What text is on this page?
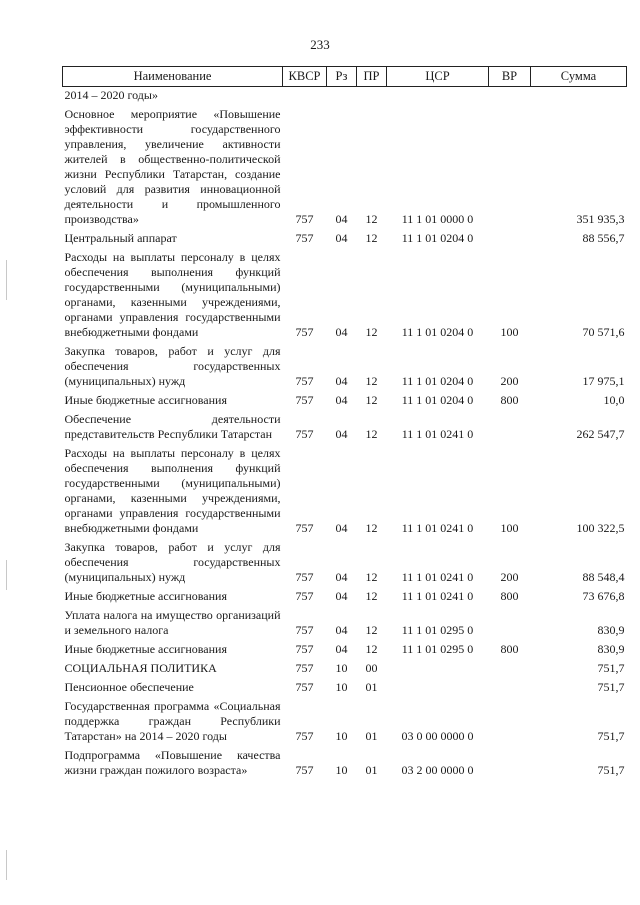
233
Наименование	КВСР	Рз	ПР	ЦСР	ВР	Сумма
2014 – 2020 годы»						
Основное мероприятие «Повышение эффективности государственного управления, увеличение активности жителей в общественно-политической жизни Республики Татарстан, создание условий для развития инновационной деятельности и промышленного производства»	757	04	12	11 1 01 0000 0		351 935,3
Центральный аппарат	757	04	12	11 1 01 0204 0		88 556,7
Расходы на выплаты персоналу в целях обеспечения выполнения функций государственными (муниципальными) органами, казенными учреждениями, органами управления государственными внебюджетными фондами	757	04	12	11 1 01 0204 0	100	70 571,6
Закупка товаров, работ и услуг для обеспечения государственных (муниципальных) нужд	757	04	12	11 1 01 0204 0	200	17 975,1
Иные бюджетные ассигнования	757	04	12	11 1 01 0204 0	800	10,0
Обеспечение деятельности представительств Республики Татарстан	757	04	12	11 1 01 0241 0		262 547,7
Расходы на выплаты персоналу в целях обеспечения выполнения функций государственными (муниципальными) органами, казенными учреждениями, органами управления государственными внебюджетными фондами	757	04	12	11 1 01 0241 0	100	100 322,5
Закупка товаров, работ и услуг для обеспечения государственных (муниципальных) нужд	757	04	12	11 1 01 0241 0	200	88 548,4
Иные бюджетные ассигнования	757	04	12	11 1 01 0241 0	800	73 676,8
Уплата налога на имущество организаций и земельного налога	757	04	12	11 1 01 0295 0		830,9
Иные бюджетные ассигнования	757	04	12	11 1 01 0295 0	800	830,9
СОЦИАЛЬНАЯ ПОЛИТИКА	757	10	00			751,7
Пенсионное обеспечение	757	10	01			751,7
Государственная программа «Социальная поддержка граждан Республики Татарстан» на 2014 – 2020 годы	757	10	01	03 0 00 0000 0		751,7
Подпрограмма «Повышение качества жизни граждан пожилого возраста»	757	10	01	03 2 00 0000 0		751,7
